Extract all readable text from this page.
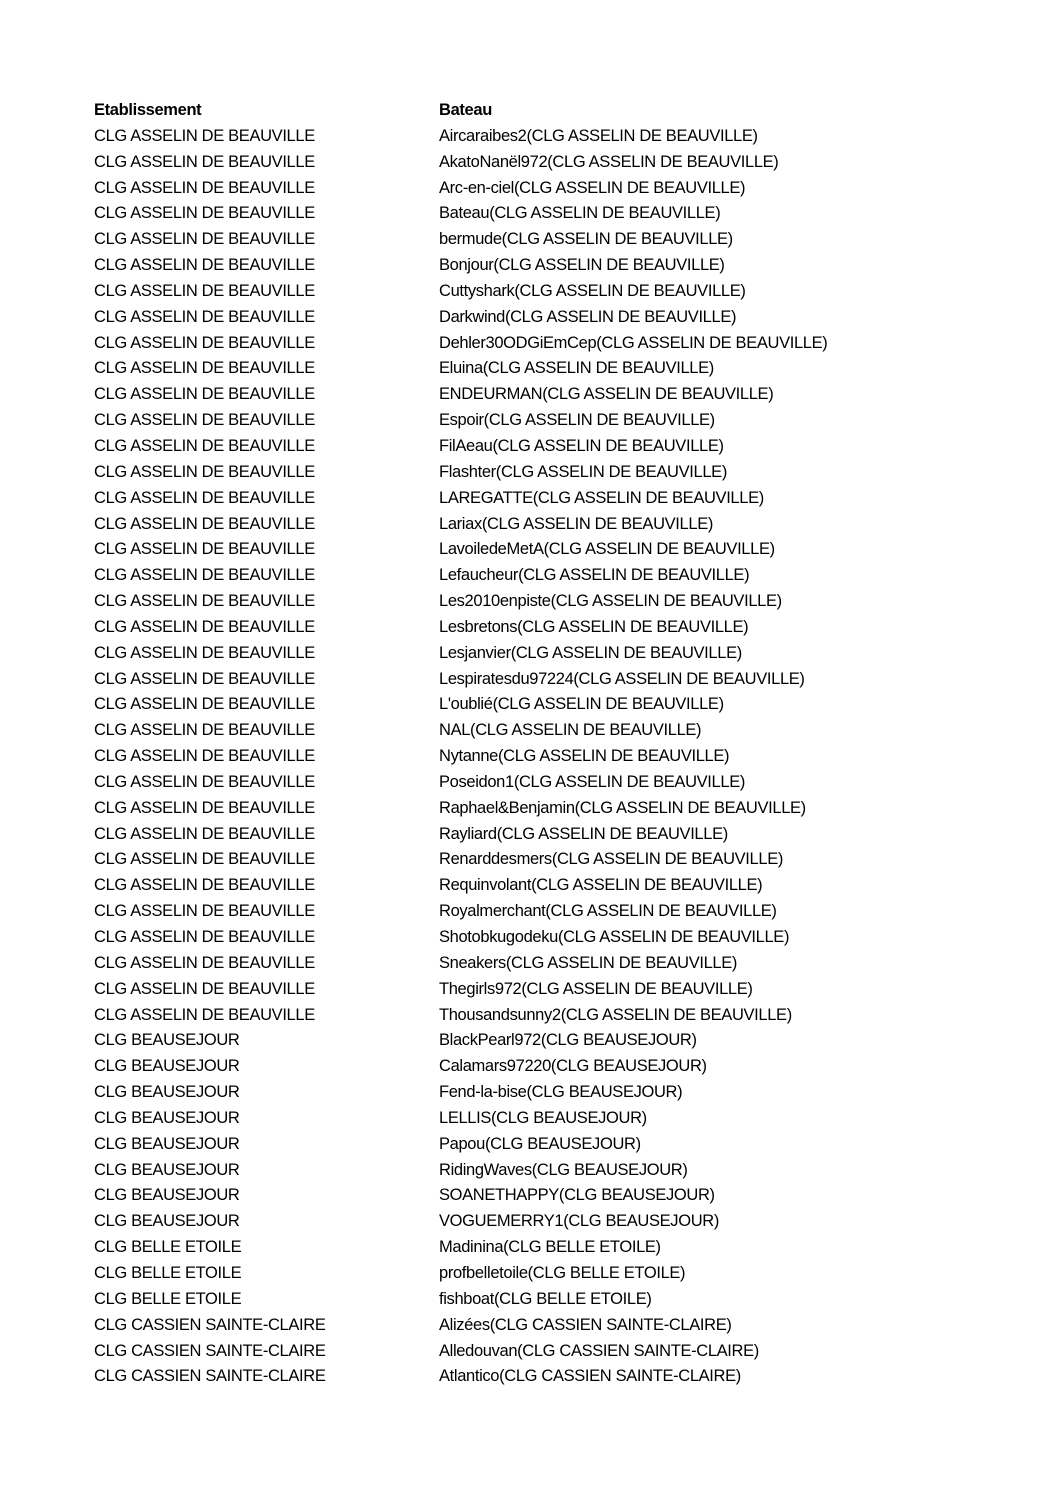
Etablissement	Bateau
CLG ASSELIN DE BEAUVILLE	Aircaraibes2(CLG ASSELIN DE BEAUVILLE)
CLG ASSELIN DE BEAUVILLE	AkatoNanël972(CLG ASSELIN DE BEAUVILLE)
CLG ASSELIN DE BEAUVILLE	Arc-en-ciel(CLG ASSELIN DE BEAUVILLE)
CLG ASSELIN DE BEAUVILLE	Bateau(CLG ASSELIN DE BEAUVILLE)
CLG ASSELIN DE BEAUVILLE	bermude(CLG ASSELIN DE BEAUVILLE)
CLG ASSELIN DE BEAUVILLE	Bonjour(CLG ASSELIN DE BEAUVILLE)
CLG ASSELIN DE BEAUVILLE	Cuttyshark(CLG ASSELIN DE BEAUVILLE)
CLG ASSELIN DE BEAUVILLE	Darkwind(CLG ASSELIN DE BEAUVILLE)
CLG ASSELIN DE BEAUVILLE	Dehler30ODGiEmCep(CLG ASSELIN DE BEAUVILLE)
CLG ASSELIN DE BEAUVILLE	Eluina(CLG ASSELIN DE BEAUVILLE)
CLG ASSELIN DE BEAUVILLE	ENDEURMAN(CLG ASSELIN DE BEAUVILLE)
CLG ASSELIN DE BEAUVILLE	Espoir(CLG ASSELIN DE BEAUVILLE)
CLG ASSELIN DE BEAUVILLE	FilAeau(CLG ASSELIN DE BEAUVILLE)
CLG ASSELIN DE BEAUVILLE	Flashter(CLG ASSELIN DE BEAUVILLE)
CLG ASSELIN DE BEAUVILLE	LAREGATTE(CLG ASSELIN DE BEAUVILLE)
CLG ASSELIN DE BEAUVILLE	Lariax(CLG ASSELIN DE BEAUVILLE)
CLG ASSELIN DE BEAUVILLE	LavoiledeMetA(CLG ASSELIN DE BEAUVILLE)
CLG ASSELIN DE BEAUVILLE	Lefaucheur(CLG ASSELIN DE BEAUVILLE)
CLG ASSELIN DE BEAUVILLE	Les2010enpiste(CLG ASSELIN DE BEAUVILLE)
CLG ASSELIN DE BEAUVILLE	Lesbretons(CLG ASSELIN DE BEAUVILLE)
CLG ASSELIN DE BEAUVILLE	Lesjanvier(CLG ASSELIN DE BEAUVILLE)
CLG ASSELIN DE BEAUVILLE	Lespiratesdu97224(CLG ASSELIN DE BEAUVILLE)
CLG ASSELIN DE BEAUVILLE	L'oublié(CLG ASSELIN DE BEAUVILLE)
CLG ASSELIN DE BEAUVILLE	NAL(CLG ASSELIN DE BEAUVILLE)
CLG ASSELIN DE BEAUVILLE	Nytanne(CLG ASSELIN DE BEAUVILLE)
CLG ASSELIN DE BEAUVILLE	Poseidon1(CLG ASSELIN DE BEAUVILLE)
CLG ASSELIN DE BEAUVILLE	Raphael&Benjamin(CLG ASSELIN DE BEAUVILLE)
CLG ASSELIN DE BEAUVILLE	Rayliard(CLG ASSELIN DE BEAUVILLE)
CLG ASSELIN DE BEAUVILLE	Renarddesmers(CLG ASSELIN DE BEAUVILLE)
CLG ASSELIN DE BEAUVILLE	Requinvolant(CLG ASSELIN DE BEAUVILLE)
CLG ASSELIN DE BEAUVILLE	Royalmerchant(CLG ASSELIN DE BEAUVILLE)
CLG ASSELIN DE BEAUVILLE	Shotobkugodeku(CLG ASSELIN DE BEAUVILLE)
CLG ASSELIN DE BEAUVILLE	Sneakers(CLG ASSELIN DE BEAUVILLE)
CLG ASSELIN DE BEAUVILLE	Thegirls972(CLG ASSELIN DE BEAUVILLE)
CLG ASSELIN DE BEAUVILLE	Thousandsunny2(CLG ASSELIN DE BEAUVILLE)
CLG BEAUSEJOUR	BlackPearl972(CLG BEAUSEJOUR)
CLG BEAUSEJOUR	Calamars97220(CLG BEAUSEJOUR)
CLG BEAUSEJOUR	Fend-la-bise(CLG BEAUSEJOUR)
CLG BEAUSEJOUR	LELLIS(CLG BEAUSEJOUR)
CLG BEAUSEJOUR	Papou(CLG BEAUSEJOUR)
CLG BEAUSEJOUR	RidingWaves(CLG BEAUSEJOUR)
CLG BEAUSEJOUR	SOANETHAPPY(CLG BEAUSEJOUR)
CLG BEAUSEJOUR	VOGUEMERRY1(CLG BEAUSEJOUR)
CLG BELLE ETOILE	Madinina(CLG BELLE ETOILE)
CLG BELLE ETOILE	profbelletoile(CLG BELLE ETOILE)
CLG BELLE ETOILE	fishboat(CLG BELLE ETOILE)
CLG CASSIEN SAINTE-CLAIRE	Alizées(CLG CASSIEN SAINTE-CLAIRE)
CLG CASSIEN SAINTE-CLAIRE	Alledouvan(CLG CASSIEN SAINTE-CLAIRE)
CLG CASSIEN SAINTE-CLAIRE	Atlantico(CLG CASSIEN SAINTE-CLAIRE)
